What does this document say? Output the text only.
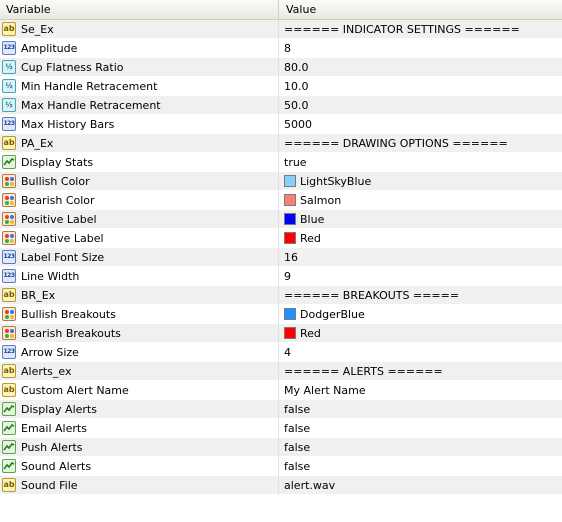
Variable	Value
ab Se_Ex	====== INDICATOR SETTINGS ======
123 Amplitude	8
½ Cup Flatness Ratio	80.0
½ Min Handle Retracement	10.0
½ Max Handle Retracement	50.0
123 Max History Bars	5000
ab PA_Ex	====== DRAWING OPTIONS ======
Display Stats	true
Bullish Color	LightSkyBlue
Bearish Color	Salmon
Positive Label	Blue
Negative Label	Red
123 Label Font Size	16
123 Line Width	9
ab BR_Ex	====== BREAKOUTS =====
Bullish Breakouts	DodgerBlue
Bearish Breakouts	Red
123 Arrow Size	4
ab Alerts_ex	====== ALERTS ======
ab Custom Alert Name	My Alert Name
Display Alerts	false
Email Alerts	false
Push Alerts	false
Sound Alerts	false
ab Sound File	alert.wav
